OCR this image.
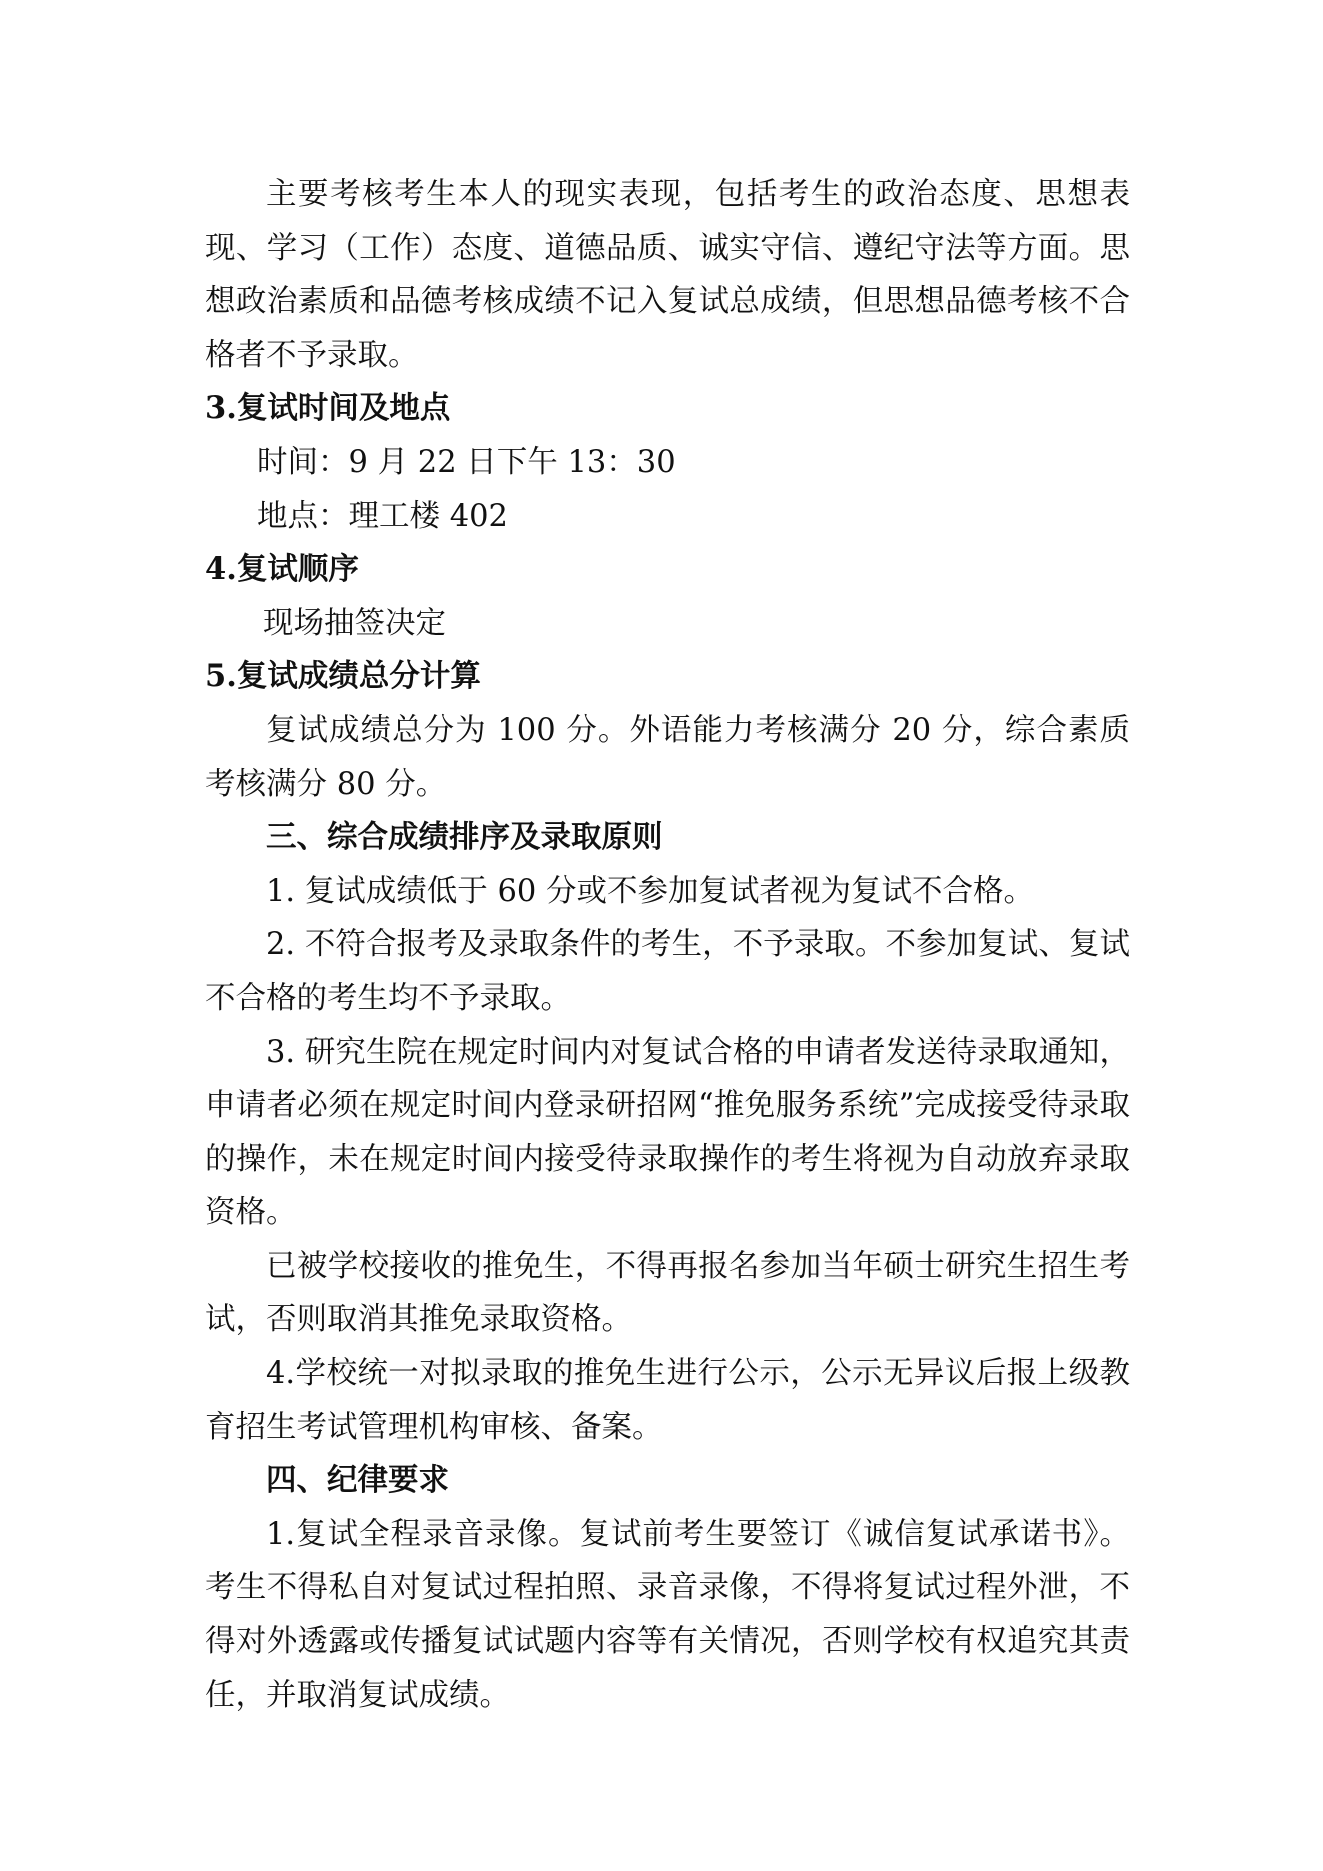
主要考核考生本人的现实表现，包括考生的政治态度、思想表现、学习（工作）态度、道德品质、诚实守信、遵纪守法等方面。思想政治素质和品德考核成绩不记入复试总成绩，但思想品德考核不合格者不予录取。

3.复试时间及地点

时间：9 月 22 日下午 13：30

地点：理工楼 402

4.复试顺序

现场抽签决定

5.复试成绩总分计算

复试成绩总分为 100 分。外语能力考核满分 20 分，综合素质考核满分 80 分。

三、综合成绩排序及录取原则

1. 复试成绩低于 60 分或不参加复试者视为复试不合格。

2. 不符合报考及录取条件的考生，不予录取。不参加复试、复试不合格的考生均不予录取。

3. 研究生院在规定时间内对复试合格的申请者发送待录取通知，申请者必须在规定时间内登录研招网“推免服务系统”完成接受待录取的操作，未在规定时间内接受待录取操作的考生将视为自动放弃录取资格。

已被学校接收的推免生，不得再报名参加当年硕士研究生招生考试，否则取消其推免录取资格。

4.学校统一对拟录取的推免生进行公示，公示无异议后报上级教育招生考试管理机构审核、备案。

四、纪律要求

1.复试全程录音录像。复试前考生要签订《诚信复试承诺书》。考生不得私自对复试过程拍照、录音录像，不得将复试过程外泄，不得对外透露或传播复试试题内容等有关情况，否则学校有权追究其责任，并取消复试成绩。
